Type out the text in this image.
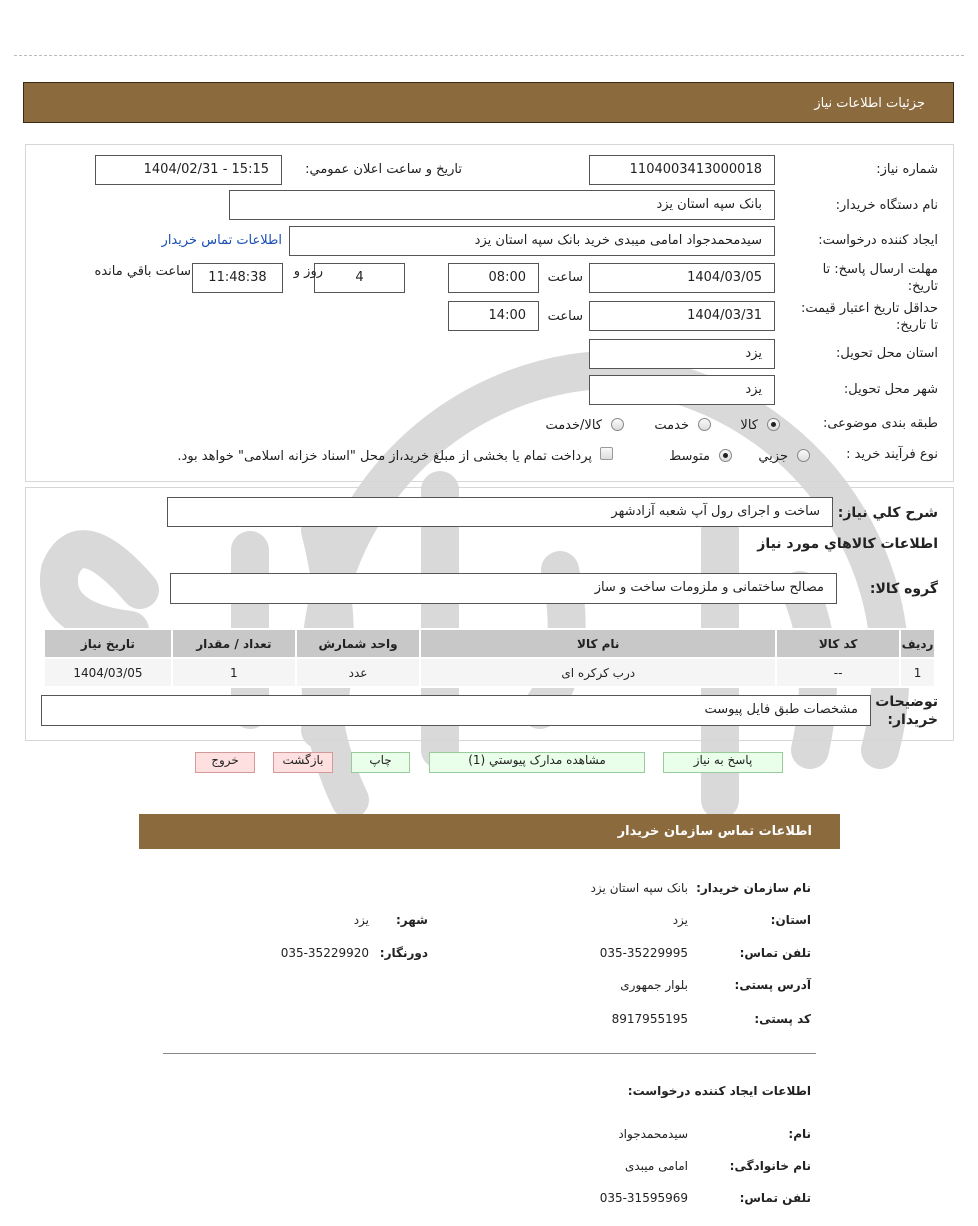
جزئیات اطلاعات نیاز
شماره نیاز:
1104003413000018
تاریخ و ساعت اعلان عمومي:
1404/02/31 - 15:15
نام دستگاه خریدار:
بانک سپه استان یزد
ایجاد کننده درخواست:
سیدمحمدجواد امامی میبدی خرید بانک سپه استان یزد
اطلاعات تماس خریدار
مهلت ارسال پاسخ: تا
تاریخ:
1404/03/05
ساعت
08:00
4
روز و
11:48:38
ساعت باقي مانده
حداقل تاریخ اعتبار قیمت:
تا تاریخ:
1404/03/31
ساعت
14:00
استان محل تحویل:
یزد
شهر محل تحویل:
یزد
طبقه بندی موضوعی:
کالا
خدمت
کالا/خدمت
نوع فرآیند خرید :
جزیي
متوسط
پرداخت تمام یا بخشی از مبلغ خرید،از محل "اسناد خزانه اسلامی" خواهد بود.
شرح کلي نیاز:
ساخت و اجرای رول آپ شعبه آزادشهر
اطلاعات کالاهاي مورد نیاز
گروه کالا:
مصالح ساختمانی و ملزومات ساخت و ساز
ردیف	کد کالا	نام کالا	واحد شمارش	تعداد / مقدار	تاریخ نیاز
1	--	درب کرکره ای	عدد	1	1404/03/05
توضیحات
خریدار:
مشخصات طبق فایل پیوست
پاسخ به نیاز
مشاهده مدارک پیوستي (1)
چاپ
بازگشت
خروج
اطلاعات تماس سازمان خریدار
نام سازمان خریدار:
بانک سپه استان یزد
استان:
یزد
شهر:
یزد
تلفن تماس:
035-35229995
دورنگار:
035-35229920
آدرس پستی:
بلوار جمهوری
کد پستی:
8917955195
اطلاعات ایجاد کننده درخواست:
نام:
سیدمحمدجواد
نام خانوادگی:
امامی میبدی
تلفن تماس:
035-31595969
